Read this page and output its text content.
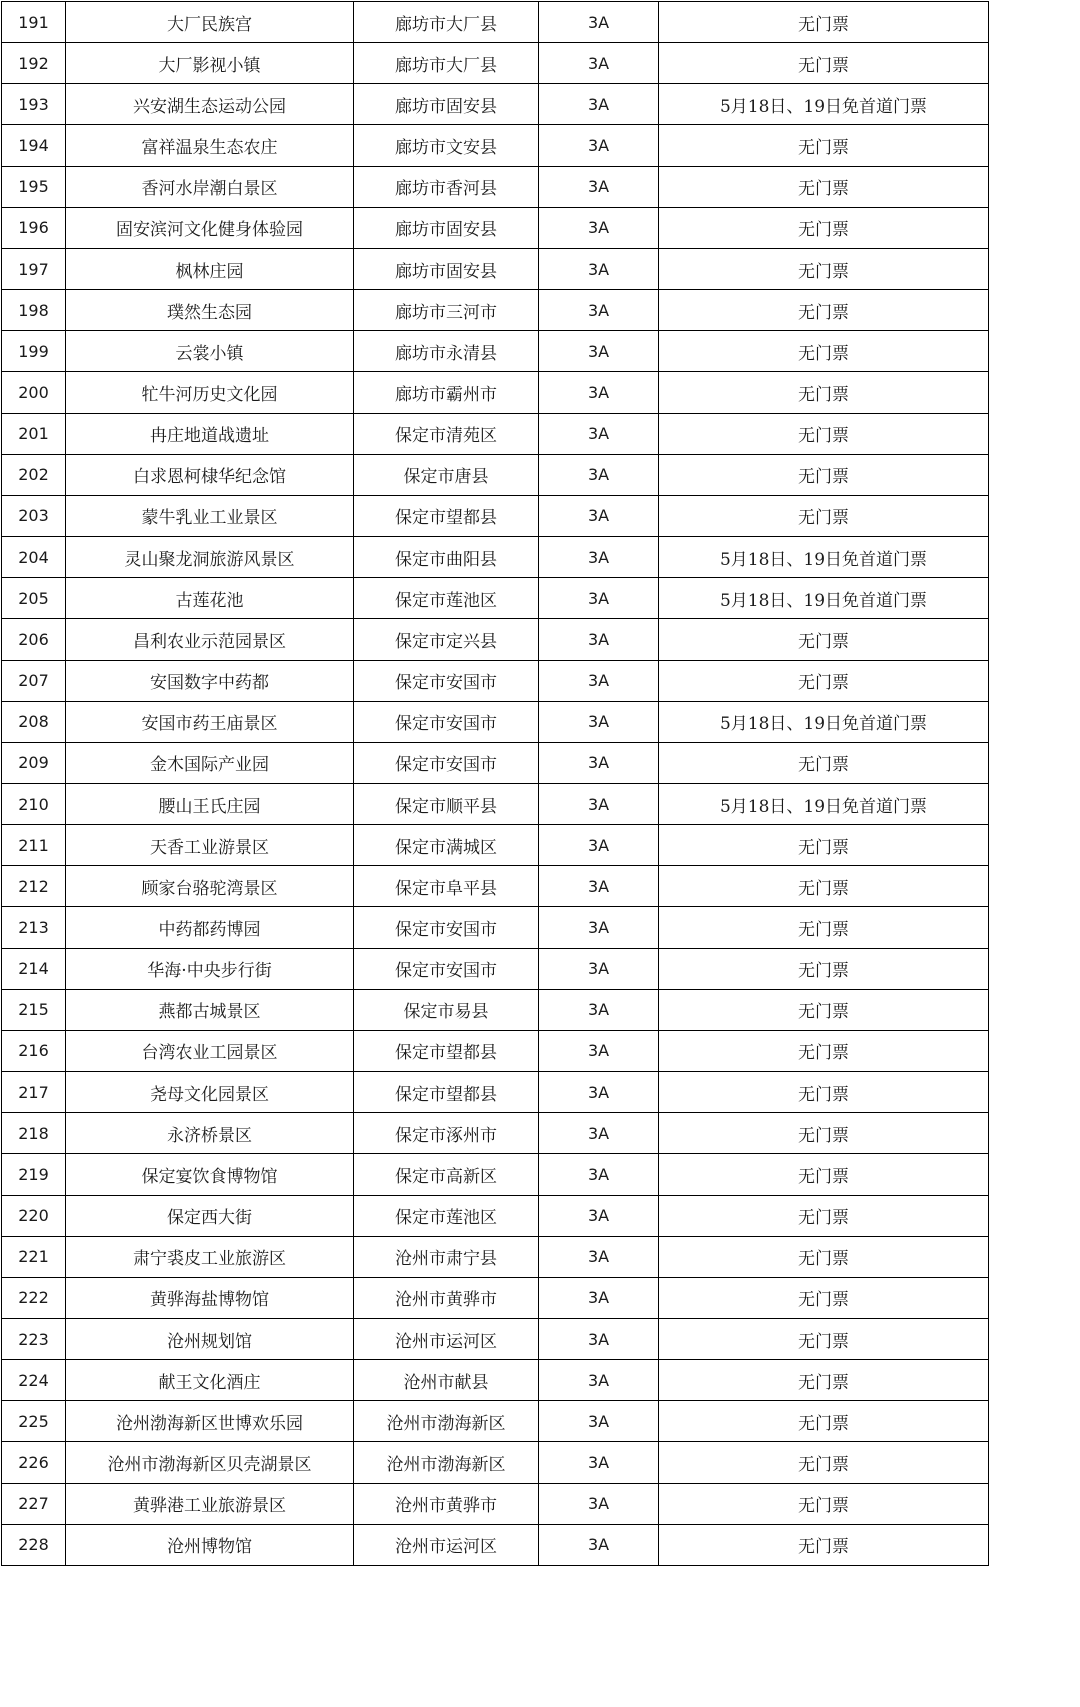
191	大厂民族宫	廊坊市大厂县	3A	无门票
192	大厂影视小镇	廊坊市大厂县	3A	无门票
193	兴安湖生态运动公园	廊坊市固安县	3A	5月18日、19日免首道门票
194	富祥温泉生态农庄	廊坊市文安县	3A	无门票
195	香河水岸潮白景区	廊坊市香河县	3A	无门票
196	固安滨河文化健身体验园	廊坊市固安县	3A	无门票
197	枫林庄园	廊坊市固安县	3A	无门票
198	璞然生态园	廊坊市三河市	3A	无门票
199	云裳小镇	廊坊市永清县	3A	无门票
200	牤牛河历史文化园	廊坊市霸州市	3A	无门票
201	冉庄地道战遗址	保定市清苑区	3A	无门票
202	白求恩柯棣华纪念馆	保定市唐县	3A	无门票
203	蒙牛乳业工业景区	保定市望都县	3A	无门票
204	灵山聚龙洞旅游风景区	保定市曲阳县	3A	5月18日、19日免首道门票
205	古莲花池	保定市莲池区	3A	5月18日、19日免首道门票
206	昌利农业示范园景区	保定市定兴县	3A	无门票
207	安国数字中药都	保定市安国市	3A	无门票
208	安国市药王庙景区	保定市安国市	3A	5月18日、19日免首道门票
209	金木国际产业园	保定市安国市	3A	无门票
210	腰山王氏庄园	保定市顺平县	3A	5月18日、19日免首道门票
211	天香工业游景区	保定市满城区	3A	无门票
212	顾家台骆驼湾景区	保定市阜平县	3A	无门票
213	中药都药博园	保定市安国市	3A	无门票
214	华海·中央步行街	保定市安国市	3A	无门票
215	燕都古城景区	保定市易县	3A	无门票
216	台湾农业工园景区	保定市望都县	3A	无门票
217	尧母文化园景区	保定市望都县	3A	无门票
218	永济桥景区	保定市涿州市	3A	无门票
219	保定宴饮食博物馆	保定市高新区	3A	无门票
220	保定西大街	保定市莲池区	3A	无门票
221	肃宁裘皮工业旅游区	沧州市肃宁县	3A	无门票
222	黄骅海盐博物馆	沧州市黄骅市	3A	无门票
223	沧州规划馆	沧州市运河区	3A	无门票
224	献王文化酒庄	沧州市献县	3A	无门票
225	沧州渤海新区世博欢乐园	沧州市渤海新区	3A	无门票
226	沧州市渤海新区贝壳湖景区	沧州市渤海新区	3A	无门票
227	黄骅港工业旅游景区	沧州市黄骅市	3A	无门票
228	沧州博物馆	沧州市运河区	3A	无门票
